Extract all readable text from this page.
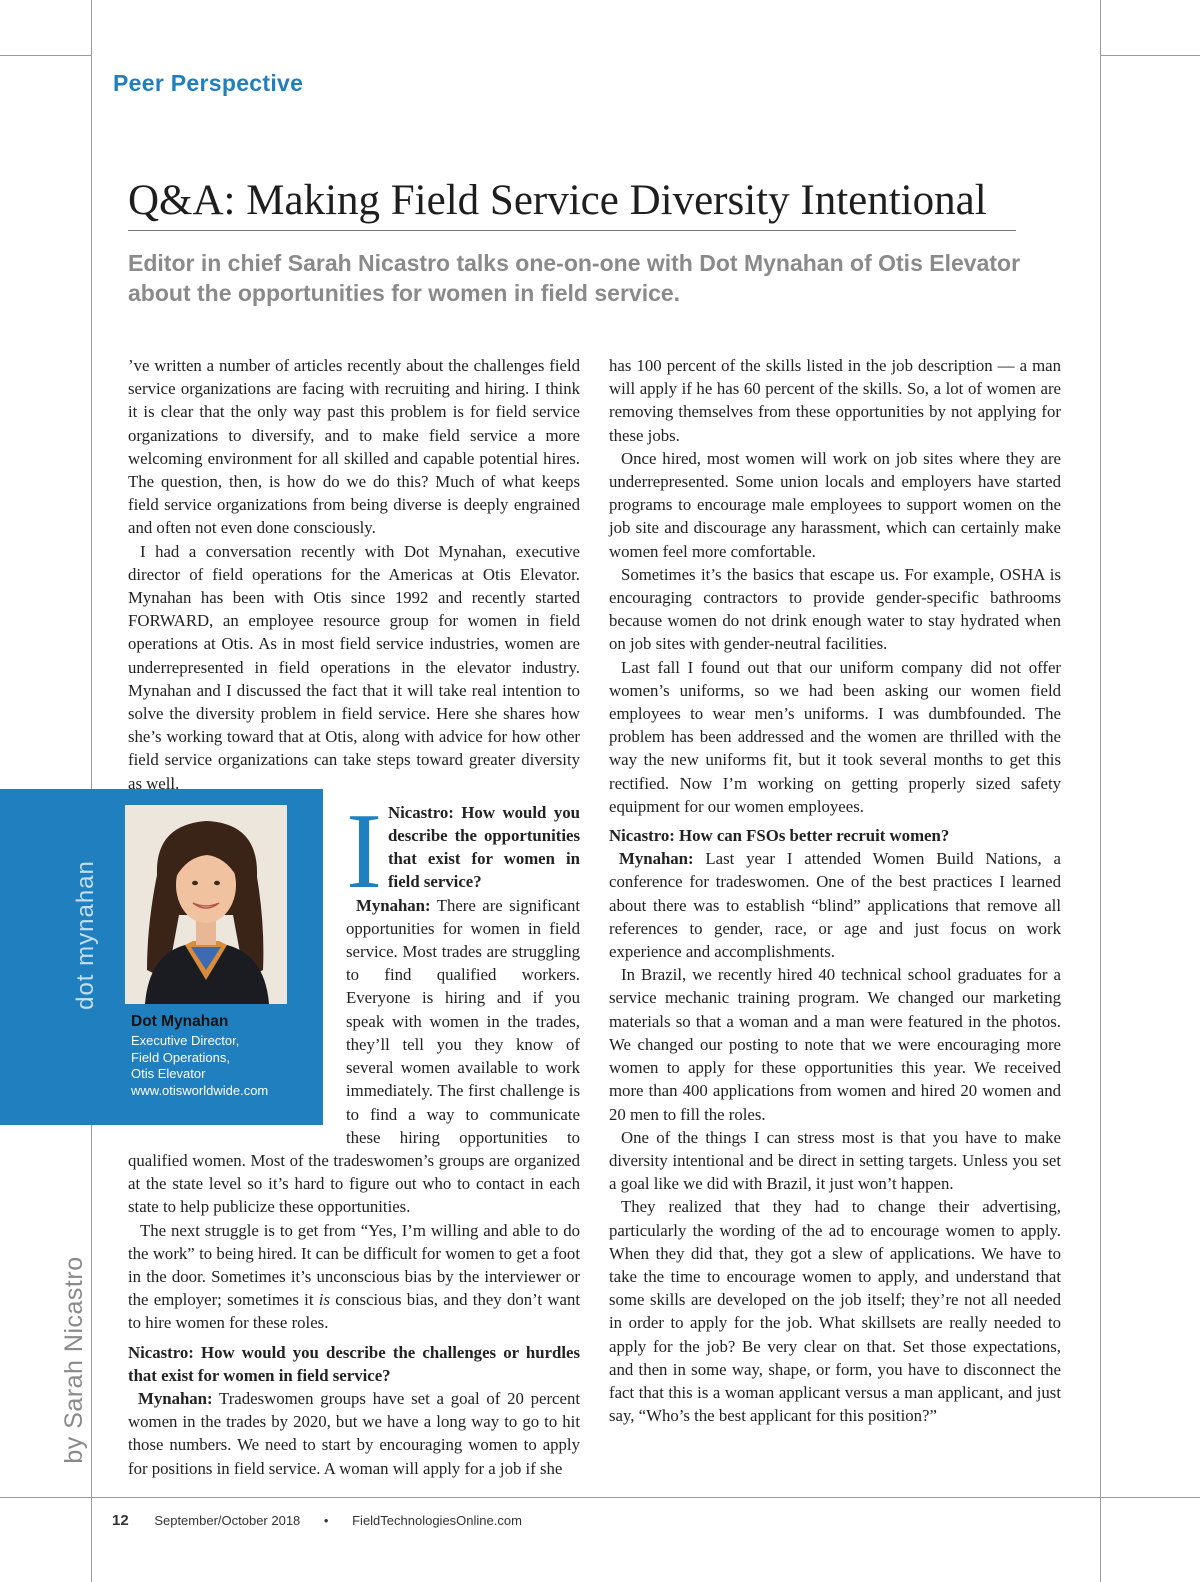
Peer Perspective
Q&A: Making Field Service Diversity Intentional
Editor in chief Sarah Nicastro talks one-on-one with Dot Mynahan of Otis Elevator about the opportunities for women in field service.
Dot Mynahan
Executive Director,
Field Operations,
Otis Elevator
www.otisworldwide.com
dot mynahan
by Sarah Nicastro

I
’ve written a number of articles recently about the challenges field service organizations are facing with recruiting and hiring. I think it is clear that the only way past this problem is for field service organizations to diversify, and to make field service a more welcoming environment for all skilled and capable potential hires. The question, then, is how do we do this? Much of what keeps field service organizations from being diverse is deeply engrained and often not even done consciously.

I had a conversation recently with Dot Mynahan, executive director of field operations for the Americas at Otis Elevator. Mynahan has been with Otis since 1992 and recently started FORWARD, an employee resource group for women in field operations at Otis. As in most field service industries, women are underrepresented in field operations in the elevator industry. Mynahan and I discussed the fact that it will take real intention to solve the diversity problem in field service. Here she shares how she’s working toward that at Otis, along with advice for how other field service organizations can take steps toward greater diversity as well.

Nicastro: How would you describe the opportunities that exist for women in field service?

Mynahan: There are significant opportunities for women in field service. Most trades are struggling to find qualified workers. Everyone is hiring and if you speak with women in the trades, they’ll tell you they know of several women available to work immediately. The first challenge is to find a way to communicate these hiring opportunities to qualified women. Most of the tradeswomen’s groups are organized at the state level so it’s hard to figure out who to contact in each state to help publicize these opportunities.

The next struggle is to get from “Yes, I’m willing and able to do the work” to being hired. It can be difficult for women to get a foot in the door. Sometimes it’s unconscious bias by the interviewer or the employer; sometimes it is conscious bias, and they don’t want to hire women for these roles.

Nicastro: How would you describe the challenges or hurdles that exist for women in field service?

Mynahan: Tradeswomen groups have set a goal of 20 percent women in the trades by 2020, but we have a long way to go to hit those numbers. We need to start by encouraging women to apply for positions in field service. A woman will apply for a job if she

has 100 percent of the skills listed in the job description — a man will apply if he has 60 percent of the skills. So, a lot of women are removing themselves from these opportunities by not applying for these jobs.

Once hired, most women will work on job sites where they are underrepresented. Some union locals and employers have started programs to encourage male employees to support women on the job site and discourage any harassment, which can certainly make women feel more comfortable.

Sometimes it’s the basics that escape us. For example, OSHA is encouraging contractors to provide gender-specific bathrooms because women do not drink enough water to stay hydrated when on job sites with gender-neutral facilities.

Last fall I found out that our uniform company did not offer women’s uniforms, so we had been asking our women field employees to wear men’s uniforms. I was dumbfounded. The problem has been addressed and the women are thrilled with the way the new uniforms fit, but it took several months to get this rectified. Now I’m working on getting properly sized safety equipment for our women employees.

Nicastro: How can FSOs better recruit women?

Mynahan: Last year I attended Women Build Nations, a conference for tradeswomen. One of the best practices I learned about there was to establish “blind” applications that remove all references to gender, race, or age and just focus on work experience and accomplishments.

In Brazil, we recently hired 40 technical school graduates for a service mechanic training program. We changed our marketing materials so that a woman and a man were featured in the photos. We changed our posting to note that we were encouraging more women to apply for these opportunities this year. We received more than 400 applications from women and hired 20 women and 20 men to fill the roles.

One of the things I can stress most is that you have to make diversity intentional and be direct in setting targets. Unless you set a goal like we did with Brazil, it just won’t happen.

They realized that they had to change their advertising, particularly the wording of the ad to encourage women to apply. When they did that, they got a slew of applications. We have to take the time to encourage women to apply, and understand that some skills are developed on the job itself; they’re not all needed in order to apply for the job. What skillsets are really needed to apply for the job? Be very clear on that. Set those expectations, and then in some way, shape, or form, you have to disconnect the fact that this is a woman applicant versus a man applicant, and just say, “Who’s the best applicant for this position?”

12 September/October 2018 • FieldTechnologiesOnline.com
